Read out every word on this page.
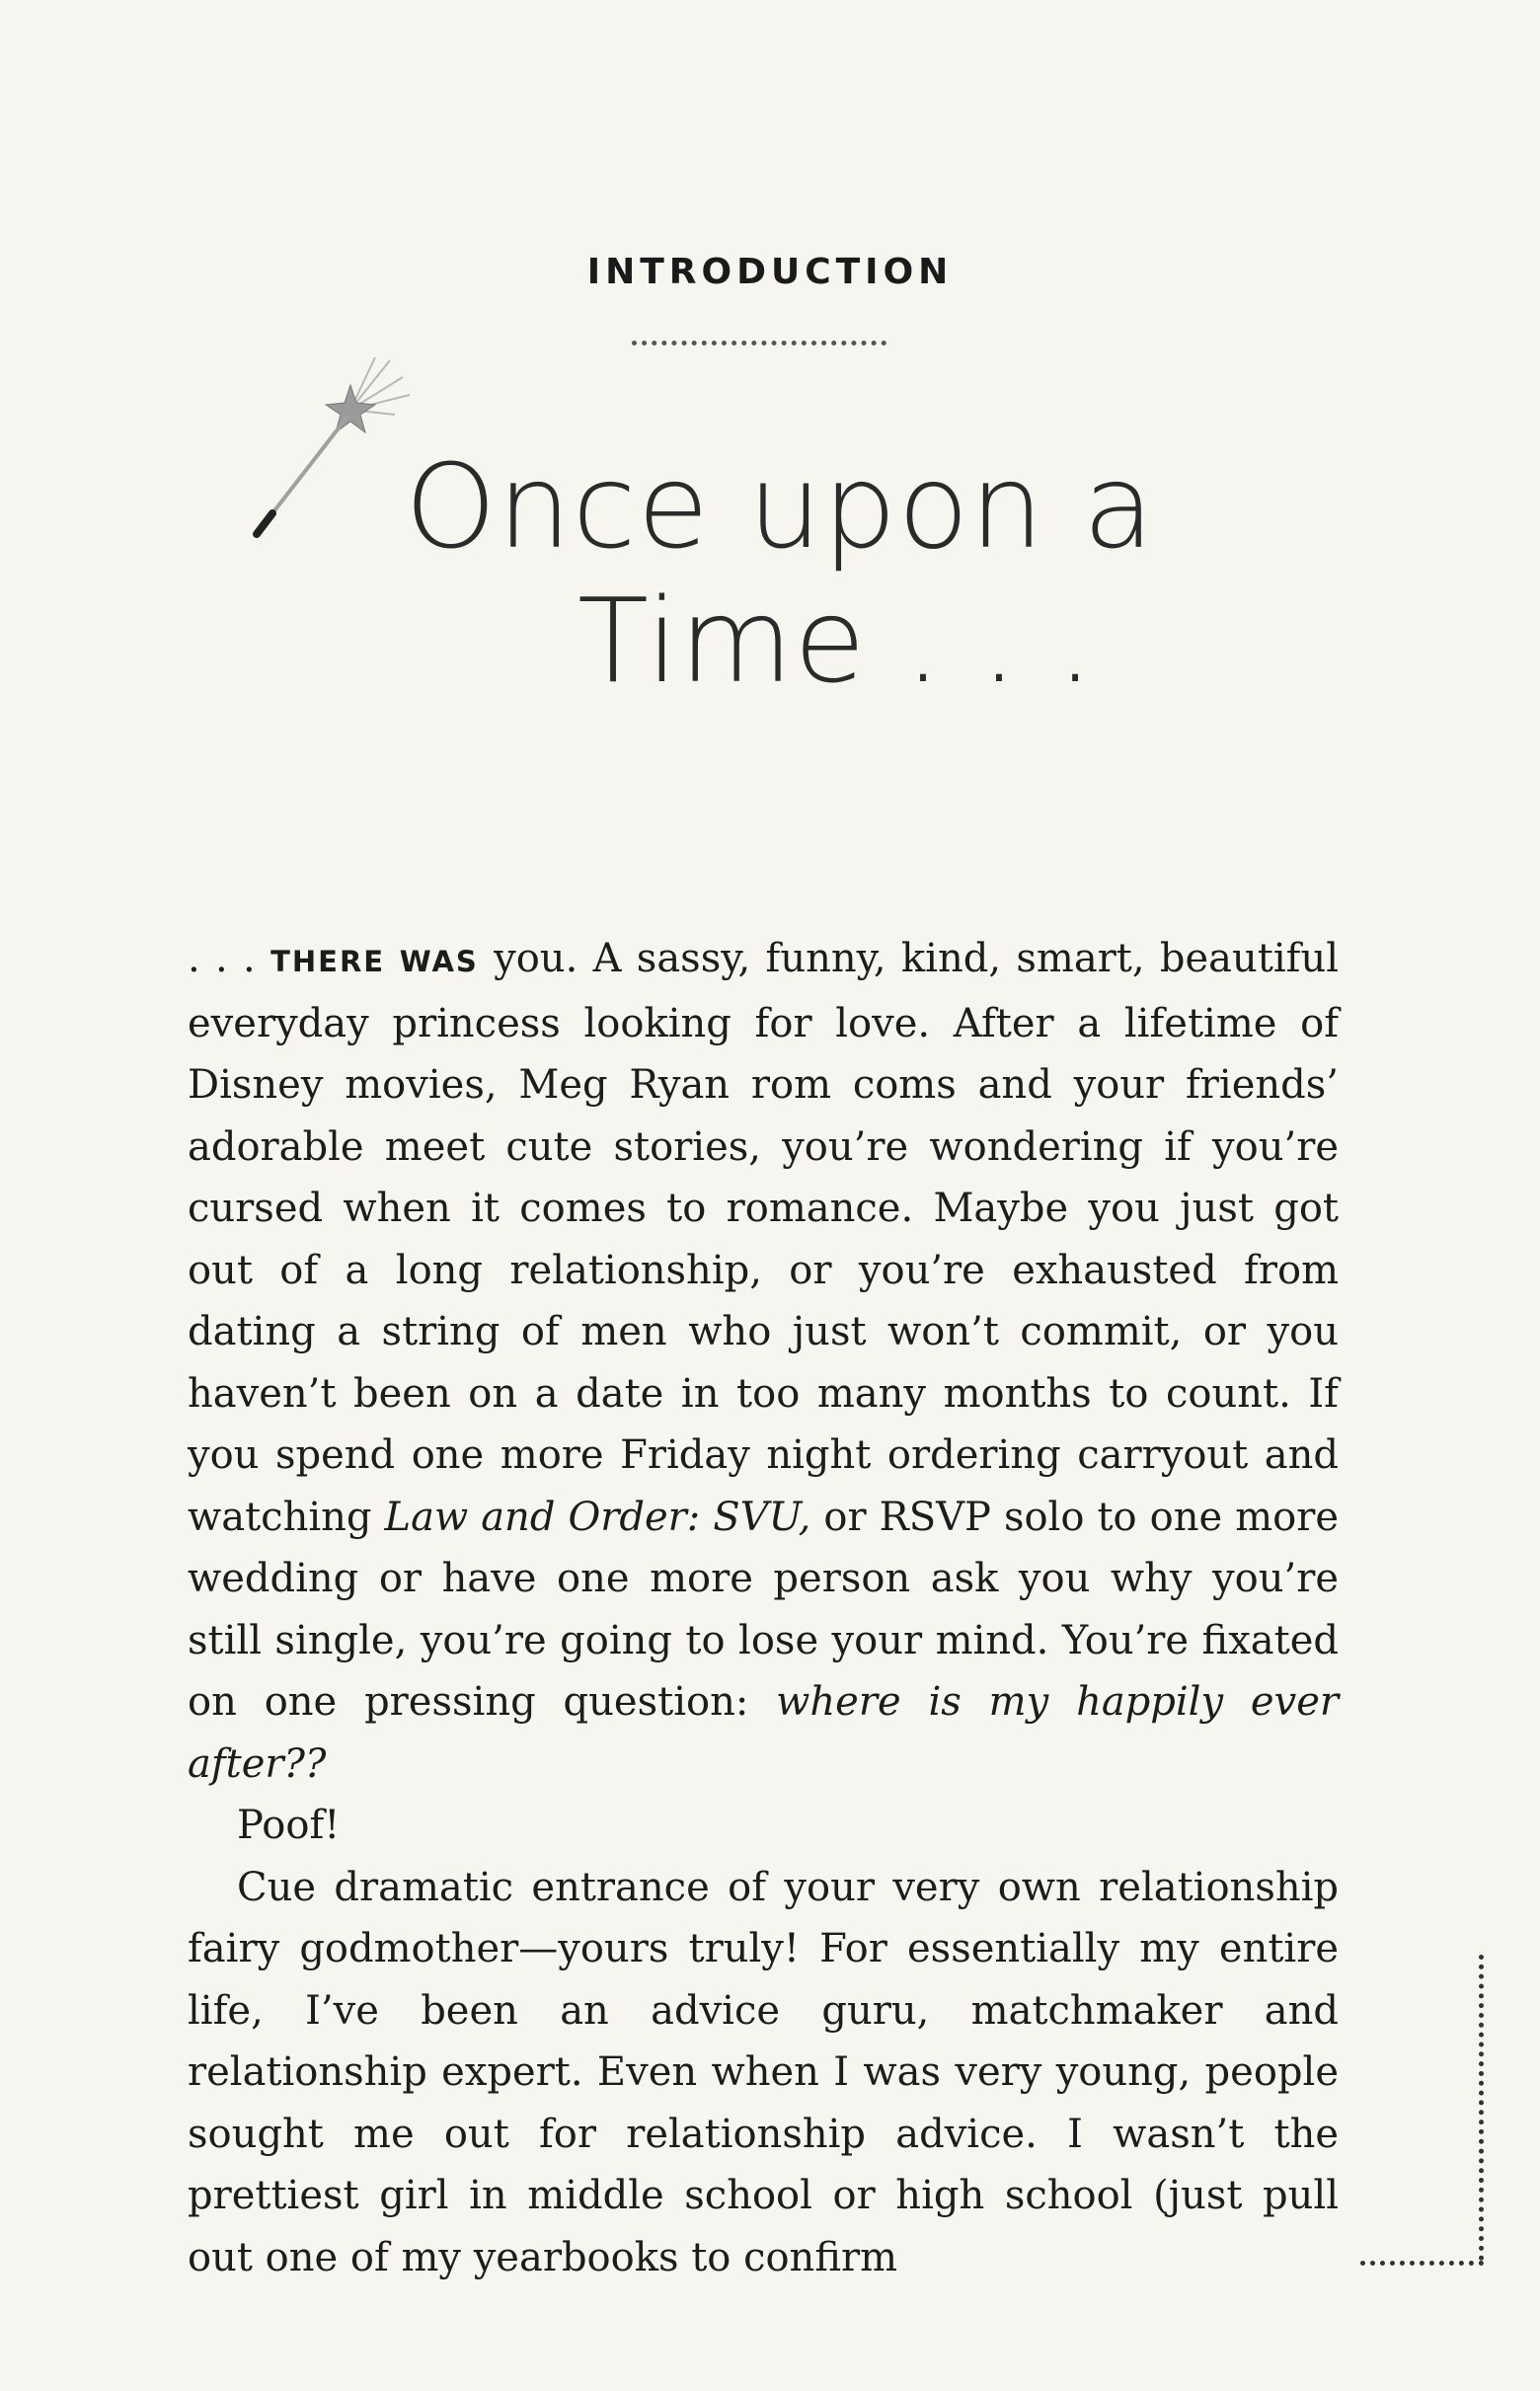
INTRODUCTION
Once upon a
Time . . .

. . . THERE WAS you. A sassy, funny, kind, smart, beautiful everyday princess looking for love. After a lifetime of Disney movies, Meg Ryan rom coms and your friends’ adorable meet cute stories, you’re wondering if you’re cursed when it comes to romance. Maybe you just got out of a long relationship, or you’re exhausted from dating a string of men who just won’t commit, or you haven’t been on a date in too many months to count. If you spend one more Friday night ordering carryout and watching Law and Order: SVU, or RSVP solo to one more wedding or have one more person ask you why you’re still single, you’re going to lose your mind. You’re fixated on one pressing question: where is my happily ever after??

Poof!

Cue dramatic entrance of your very own relationship fairy godmother—yours truly! For essentially my entire life, I’ve been an advice guru, matchmaker and relationship expert. Even when I was very young, people sought me out for relationship advice. I wasn’t the prettiest girl in middle school or high school (just pull out one of my yearbooks to confirm
